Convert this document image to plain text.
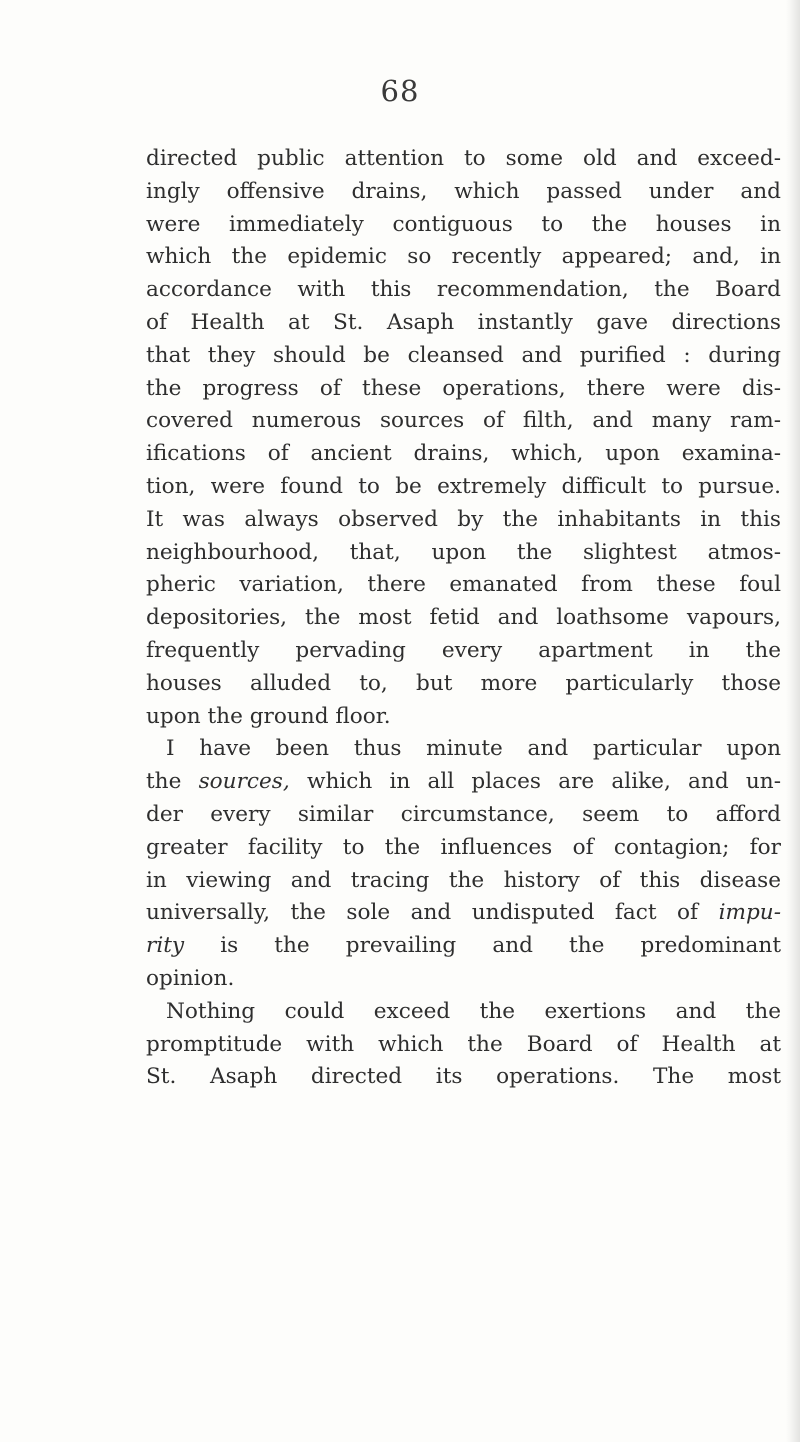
68
directed public attention to some old and exceed-
ingly offensive drains, which passed under and
were immediately contiguous to the houses in
which the epidemic so recently appeared; and, in
accordance with this recommendation, the Board
of Health at St. Asaph instantly gave directions
that they should be cleansed and purified : during
the progress of these operations, there were dis-
covered numerous sources of filth, and many ram-
ifications of ancient drains, which, upon examina-
tion, were found to be extremely difficult to pursue.
It was always observed by the inhabitants in this
neighbourhood, that, upon the slightest atmos-
pheric variation, there emanated from these foul
depositories, the most fetid and loathsome vapours,
frequently pervading every apartment in the
houses alluded to, but more particularly those
upon the ground floor.
I have been thus minute and particular upon
the sources, which in all places are alike, and un-
der every similar circumstance, seem to afford
greater facility to the influences of contagion; for
in viewing and tracing the history of this disease
universally, the sole and undisputed fact of impu-
rity is the prevailing and the predominant
opinion.
Nothing could exceed the exertions and the
promptitude with which the Board of Health at
St. Asaph directed its operations. The most
